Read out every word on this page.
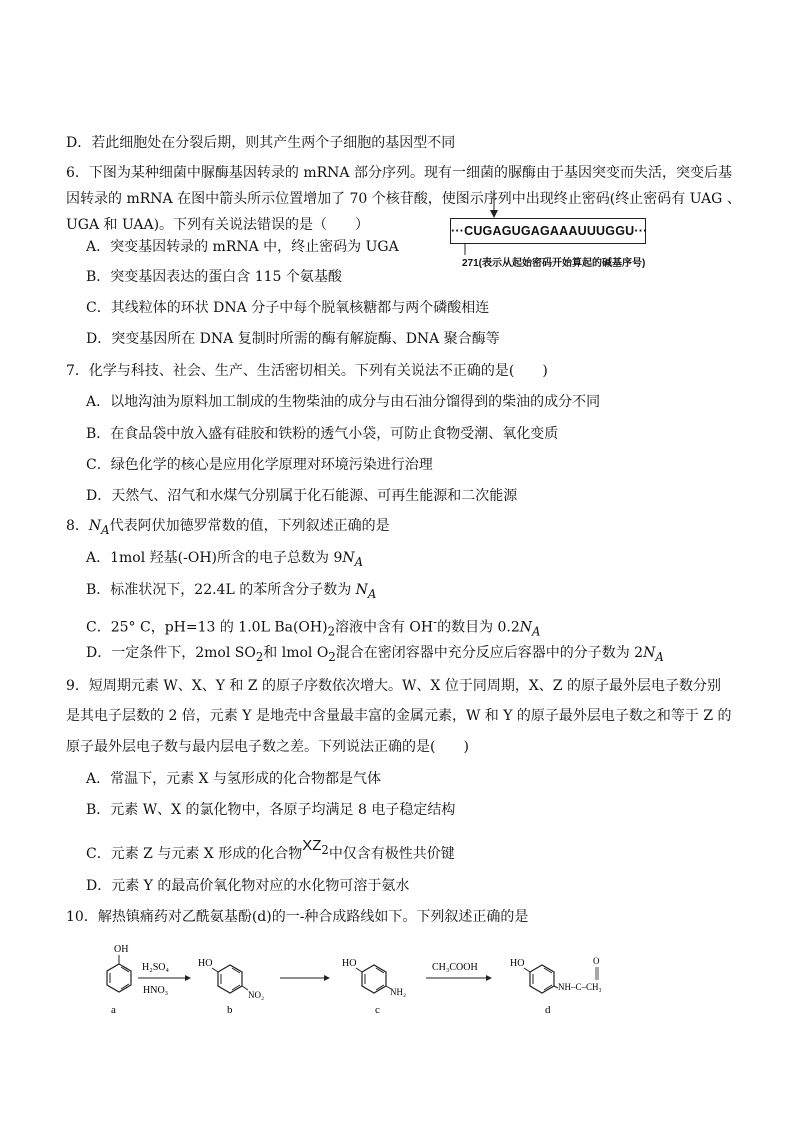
D．若此细胞处在分裂后期，则其产生两个子细胞的基因型不同
6．下图为某种细菌中脲酶基因转录的 mRNA 部分序列。现有一细菌的脲酶由于基因突变而失活，突变后基
因转录的 mRNA 在图中箭头所示位置增加了 70 个核苷酸，使图示序列中出现终止密码(终止密码有 UAG 、
UGA 和 UAA)。下列有关说法错误的是（　　）	···CUGAGUGAGAAAUUUGGU···
271(表示从起始密码开始算起的碱基序号)
A．突变基因转录的 mRNA 中，终止密码为 UGA
B．突变基因表达的蛋白含 115 个氨基酸
C．其线粒体的环状 DNA 分子中每个脱氧核糖都与两个磷酸相连
D．突变基因所在 DNA 复制时所需的酶有解旋酶、DNA 聚合酶等
7．化学与科技、社会、生产、生活密切相关。下列有关说法不正确的是(　　)
A．以地沟油为原料加工制成的生物柴油的成分与由石油分馏得到的柴油的成分不同
B．在食品袋中放入盛有硅胶和铁粉的透气小袋，可防止食物受潮、氧化变质
C．绿色化学的核心是应用化学原理对环境污染进行治理
D．天然气、沼气和水煤气分别属于化石能源、可再生能源和二次能源
8．$N_A$代表阿伏加德罗常数的值，下列叙述正确的是
A．1mol 羟基(-OH)所含的电子总数为 $9N_A$
B．标准状况下，22.4L 的苯所含分子数为 $N_A$
C．25° C，pH=13 的 1.0L $Ba(OH)_2$溶液中含有 OH-的数目为 $0.2N_A$
D．一定条件下，2mol $SO_2$和 lmol $O_2$混合在密闭容器中充分反应后容器中的分子数为 $2N_A$
9．短周期元素 W、X、Y 和 Z 的原子序数依次增大。W、X 位于同周期，X、Z 的原子最外层电子数分别
是其电子层数的 2 倍，元素 Y 是地壳中含量最丰富的金属元素，W 和 Y 的原子最外层电子数之和等于 Z 的
原子最外层电子数与最内层电子数之差。下列说法正确的是(　　)
A．常温下，元素 X 与氢形成的化合物都是气体
B．元素 W、X 的氯化物中，各原子均满足 8 电子稳定结构
C．元素 Z 与元素 X 形成的化合物$XZ_2$中仅含有极性共价键
D．元素 Y 的最高价氧化物对应的水化物可溶于氨水
10．解热镇痛药对乙酰氨基酚(d)的一-种合成路线如下。下列叙述正确的是
OH
a
H₂SO₄
HNO₃
HO
NO₂
b
HO
NH₂
c
CH₃COOH	HO	O
NH–C–CH₃
d
